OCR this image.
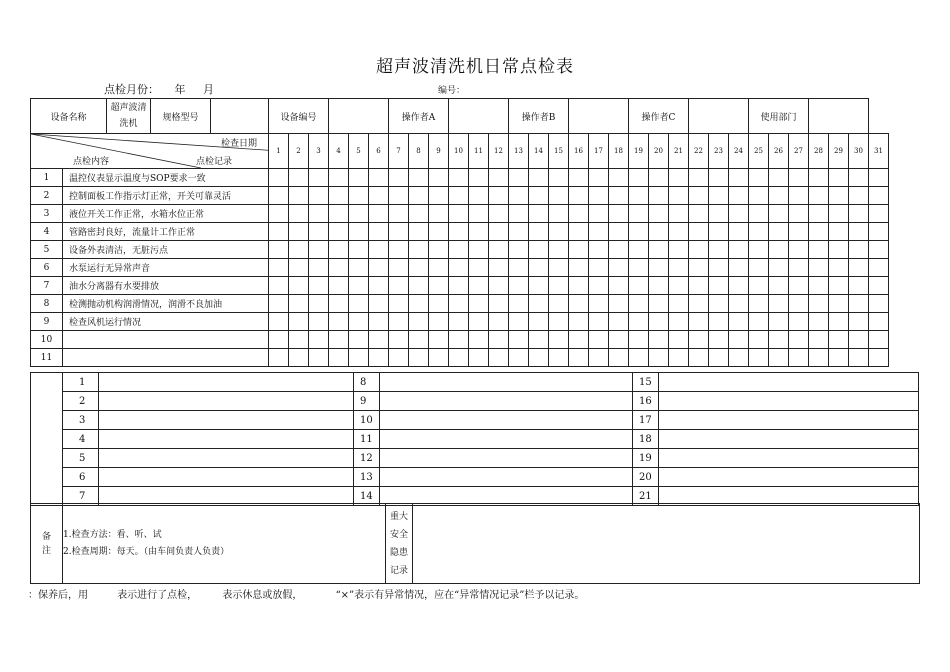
超声波清洗机日常点检表
点检月份： 年 月	编号：
设备名称		超声波清洗机	规格型号		设备编号						操作者A						操作者B						操作者C						使用部门						

检查日期
点检记录
点检内容					1	2	3	4	5	6	7	8	9	10	11	12	13	14	15	16	17	18	19	20	21	22	23	24	25	26	27	28	29	30	31
1	温控仪表显示温度与SOP要求一致																																		
2	控制面板工作指示灯正常，开关可靠灵活																																		
3	液位开关工作正常，水箱水位正常																																		
4	管路密封良好，流量计工作正常																																		
5	设备外表清洁，无脏污点																																		
6	水泵运行无异常声音																																		
7	油水分离器有水要排放																																		
8	检测抛动机构润滑情况，润滑不良加油																																		
9	检查风机运行情况																																		
10																																			
11																																			
	1		8		15	
	2		9		16	
	3		10		17	
	4		11		18	
	5		12		19	
	6		13		20	
	7		14		21	
备
注

1.检查方法：看、听、试
2.检查周期：每天。（由车间负责人负责）

重大
安全
隐患
记录

：保养后，用	表示进行了点检，	表示休息或放假，	“×”表示有异常情况，应在“异常情况记录”栏予以记录。
